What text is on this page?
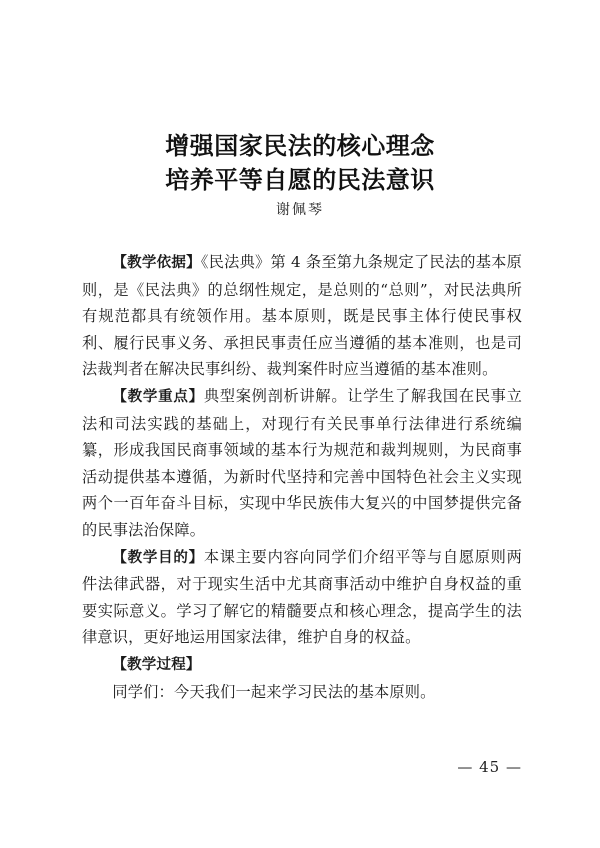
增强国家民法的核心理念
培养平等自愿的民法意识
谢佩琴

【教学依据】《民法典》第 4 条至第九条规定了民法的基本原则，是《民法典》的总纲性规定，是总则的“总则”，对民法典所有规范都具有统领作用。基本原则，既是民事主体行使民事权利、履行民事义务、承担民事责任应当遵循的基本准则，也是司法裁判者在解决民事纠纷、裁判案件时应当遵循的基本准则。

【教学重点】典型案例剖析讲解。让学生了解我国在民事立法和司法实践的基础上，对现行有关民事单行法律进行系统编纂，形成我国民商事领域的基本行为规范和裁判规则，为民商事活动提供基本遵循，为新时代坚持和完善中国特色社会主义实现两个一百年奋斗目标，实现中华民族伟大复兴的中国梦提供完备的民事法治保障。

【教学目的】本课主要内容向同学们介绍平等与自愿原则两件法律武器，对于现实生活中尤其商事活动中维护自身权益的重要实际意义。学习了解它的精髓要点和核心理念，提高学生的法律意识，更好地运用国家法律，维护自身的权益。

【教学过程】

同学们：今天我们一起来学习民法的基本原则。

— 45 —
